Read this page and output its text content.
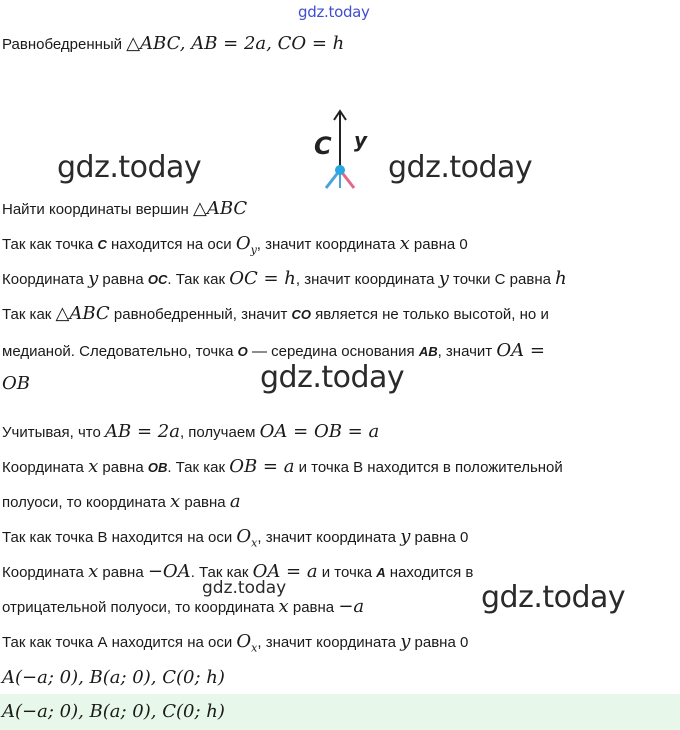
gdz.today
gdz.today	gdz.today
gdz.today
gdz.today	gdz.today
C y
Равнобедренный △ABC, AB = 2a, CO = h
Найти координаты вершин △ABC
Так как точка C находится на оси $O_y$, значит координата x равна 0
Координата y равна ОС. Так как OC = h, значит координата y точки С равна h
Так как △ABC равнобедренный, значит СО является не только высотой, но и
медианой. Следовательно, точка О — середина основания АВ, значит OA =
OB
Учитывая, что AB = 2a, получаем OA = OB = a
Координата x равна ОВ. Так как OB = a и точка В находится в положительной
полуоси, то координата x равна a
Так как точка В находится на оси $O_x$, значит координата y равна 0
Координата x равна −OA. Так как OA = a и точка А находится в
отрицательной полуоси, то координата x равна −a
Так как точка А находится на оси $O_x$, значит координата y равна 0
A(−a; 0), B(a; 0), C(0; h)
A(−a; 0), B(a; 0), C(0; h)
